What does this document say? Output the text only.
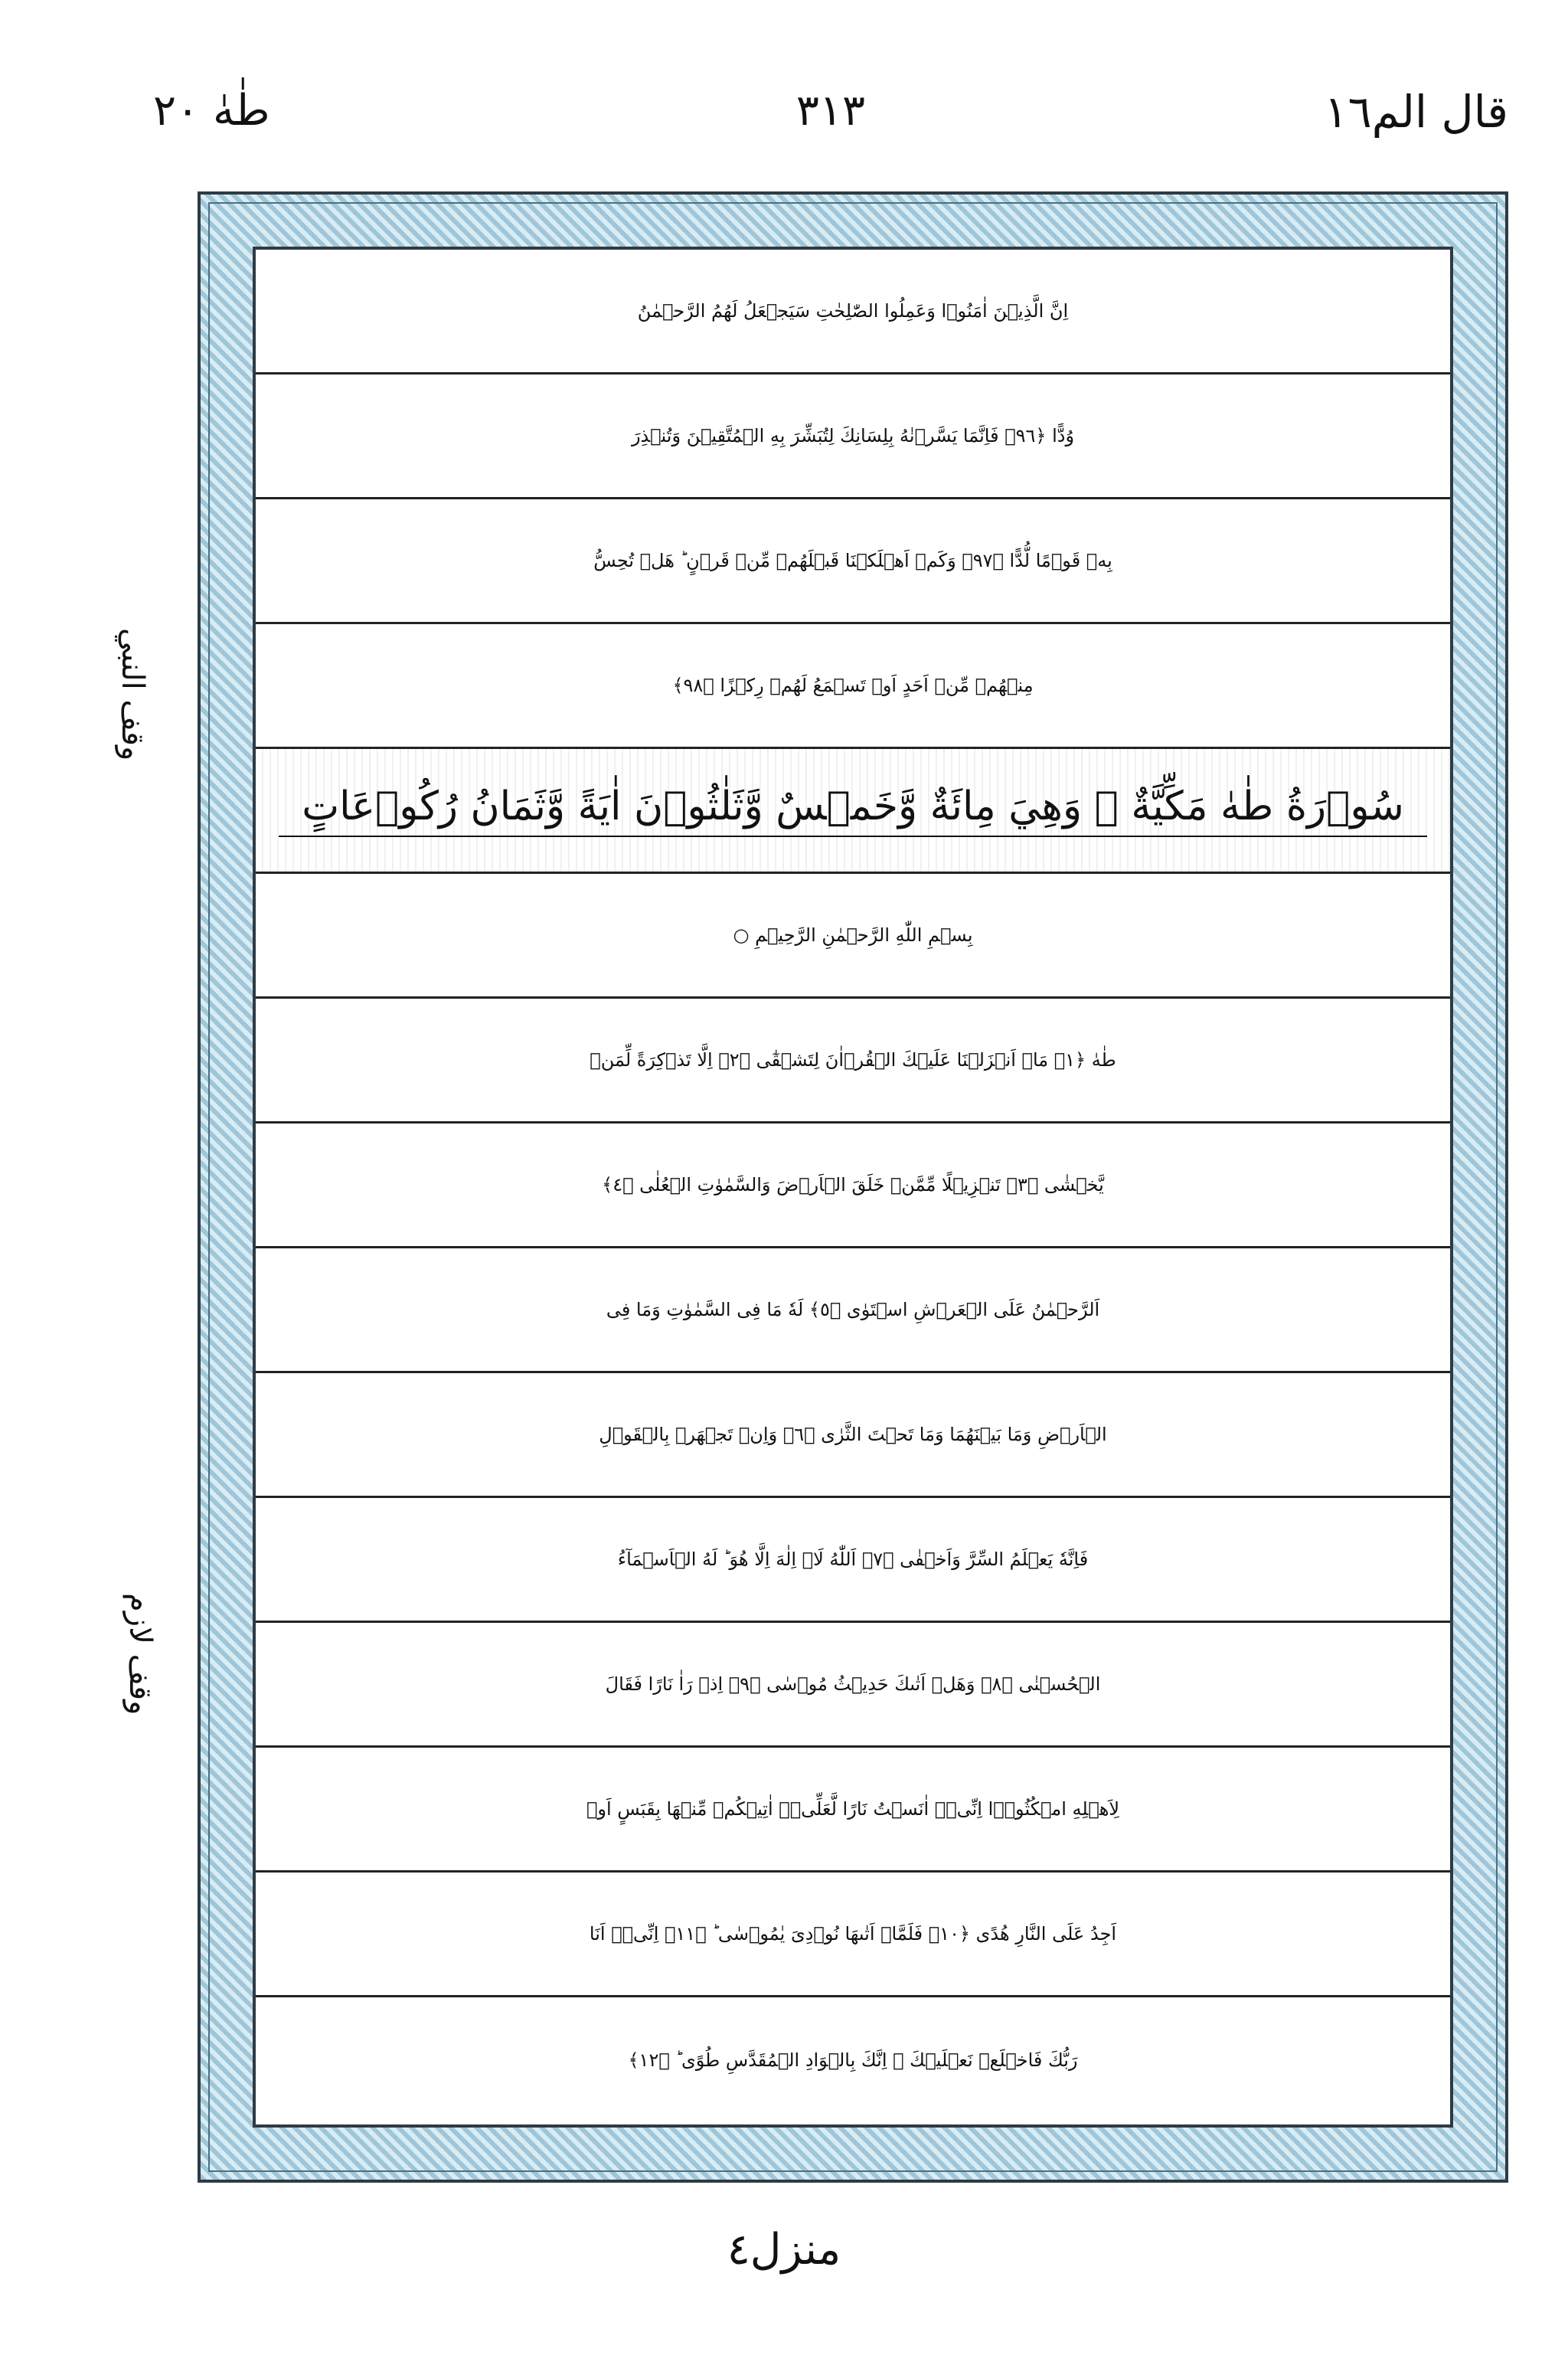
قال الم١٦
٣١٣
طٰهٰ ٢٠
وقف النبي
وقف لازم
اِنَّ الَّذِيۡنَ اٰمَنُوۡا وَعَمِلُوا الصّٰلِحٰتِ سَيَجۡعَلُ لَهُمُ الرَّحۡمٰنُ
وُدًّا ﴿٩٦﴾ فَاِنَّمَا يَسَّرۡنٰهُ بِلِسَانِكَ لِتُبَشِّرَ بِهِ الۡمُتَّقِيۡنَ وَتُنۡذِرَ
بِهٖ قَوۡمًا لُّدًّا ﴿٩٧﴾ وَكَمۡ اَهۡلَكۡنَا قَبۡلَهُمۡ مِّنۡ قَرۡنٍ ؕ هَلۡ تُحِسُّ
مِنۡهُمۡ مِّنۡ اَحَدٍ اَوۡ تَسۡمَعُ لَهُمۡ رِكۡزًا ﴿٩٨﴾
سُوۡرَةُ طٰهٰ مَكِّيَّةٌ ۘ وَهِيَ مِائَةٌ وَّخَمۡسٌ وَّثَلٰثُوۡنَ اٰيَةً وَّثَمَانُ رُكُوۡعَاتٍ
بِسۡمِ اللّٰهِ الرَّحۡمٰنِ الرَّحِيۡمِ ○
طٰهٰ ﴿١﴾ مَاۤ اَنۡزَلۡنَا عَلَيۡكَ الۡقُرۡاٰنَ لِتَشۡقٰٓى ﴿٢﴾ اِلَّا تَذۡكِرَةً لِّمَنۡ
يَّخۡشٰى ﴿٣﴾ تَنۡزِيۡلًا مِّمَّنۡ خَلَقَ الۡاَرۡضَ وَالسَّمٰوٰتِ الۡعُلٰى ﴿٤﴾
اَلرَّحۡمٰنُ عَلَى الۡعَرۡشِ اسۡتَوٰى ﴿٥﴾ لَهٗ مَا فِى السَّمٰوٰتِ وَمَا فِى
الۡاَرۡضِ وَمَا بَيۡنَهُمَا وَمَا تَحۡتَ الثَّرٰى ﴿٦﴾ وَاِنۡ تَجۡهَرۡ بِالۡقَوۡلِ
فَاِنَّهٗ يَعۡلَمُ السِّرَّ وَاَخۡفٰى ﴿٧﴾ اَللّٰهُ لَاۤ اِلٰهَ اِلَّا هُوَ ؕ لَهُ الۡاَسۡمَآءُ
الۡحُسۡنٰى ﴿٨﴾ وَهَلۡ اَتٰٮكَ حَدِيۡثُ مُوۡسٰى ﴿٩﴾ اِذۡ رَاٰ نَارًا فَقَالَ
لِاَهۡلِهِ امۡكُثُوۡۤا اِنِّىۡۤ اٰنَسۡتُ نَارًا لَّعَلِّىۡۤ اٰتِيۡكُمۡ مِّنۡهَا بِقَبَسٍ اَوۡ
اَجِدُ عَلَى النَّارِ هُدًى ﴿١٠﴾ فَلَمَّاۤ اَتٰٮهَا نُوۡدِىَ يٰمُوۡسٰى ؕ ﴿١١﴾ اِنِّىۡۤ اَنَا
رَبُّكَ فَاخۡلَعۡ نَعۡلَيۡكَ ۚ اِنَّكَ بِالۡوَادِ الۡمُقَدَّسِ طُوًى ؕ ﴿١٢﴾
منزل٤
